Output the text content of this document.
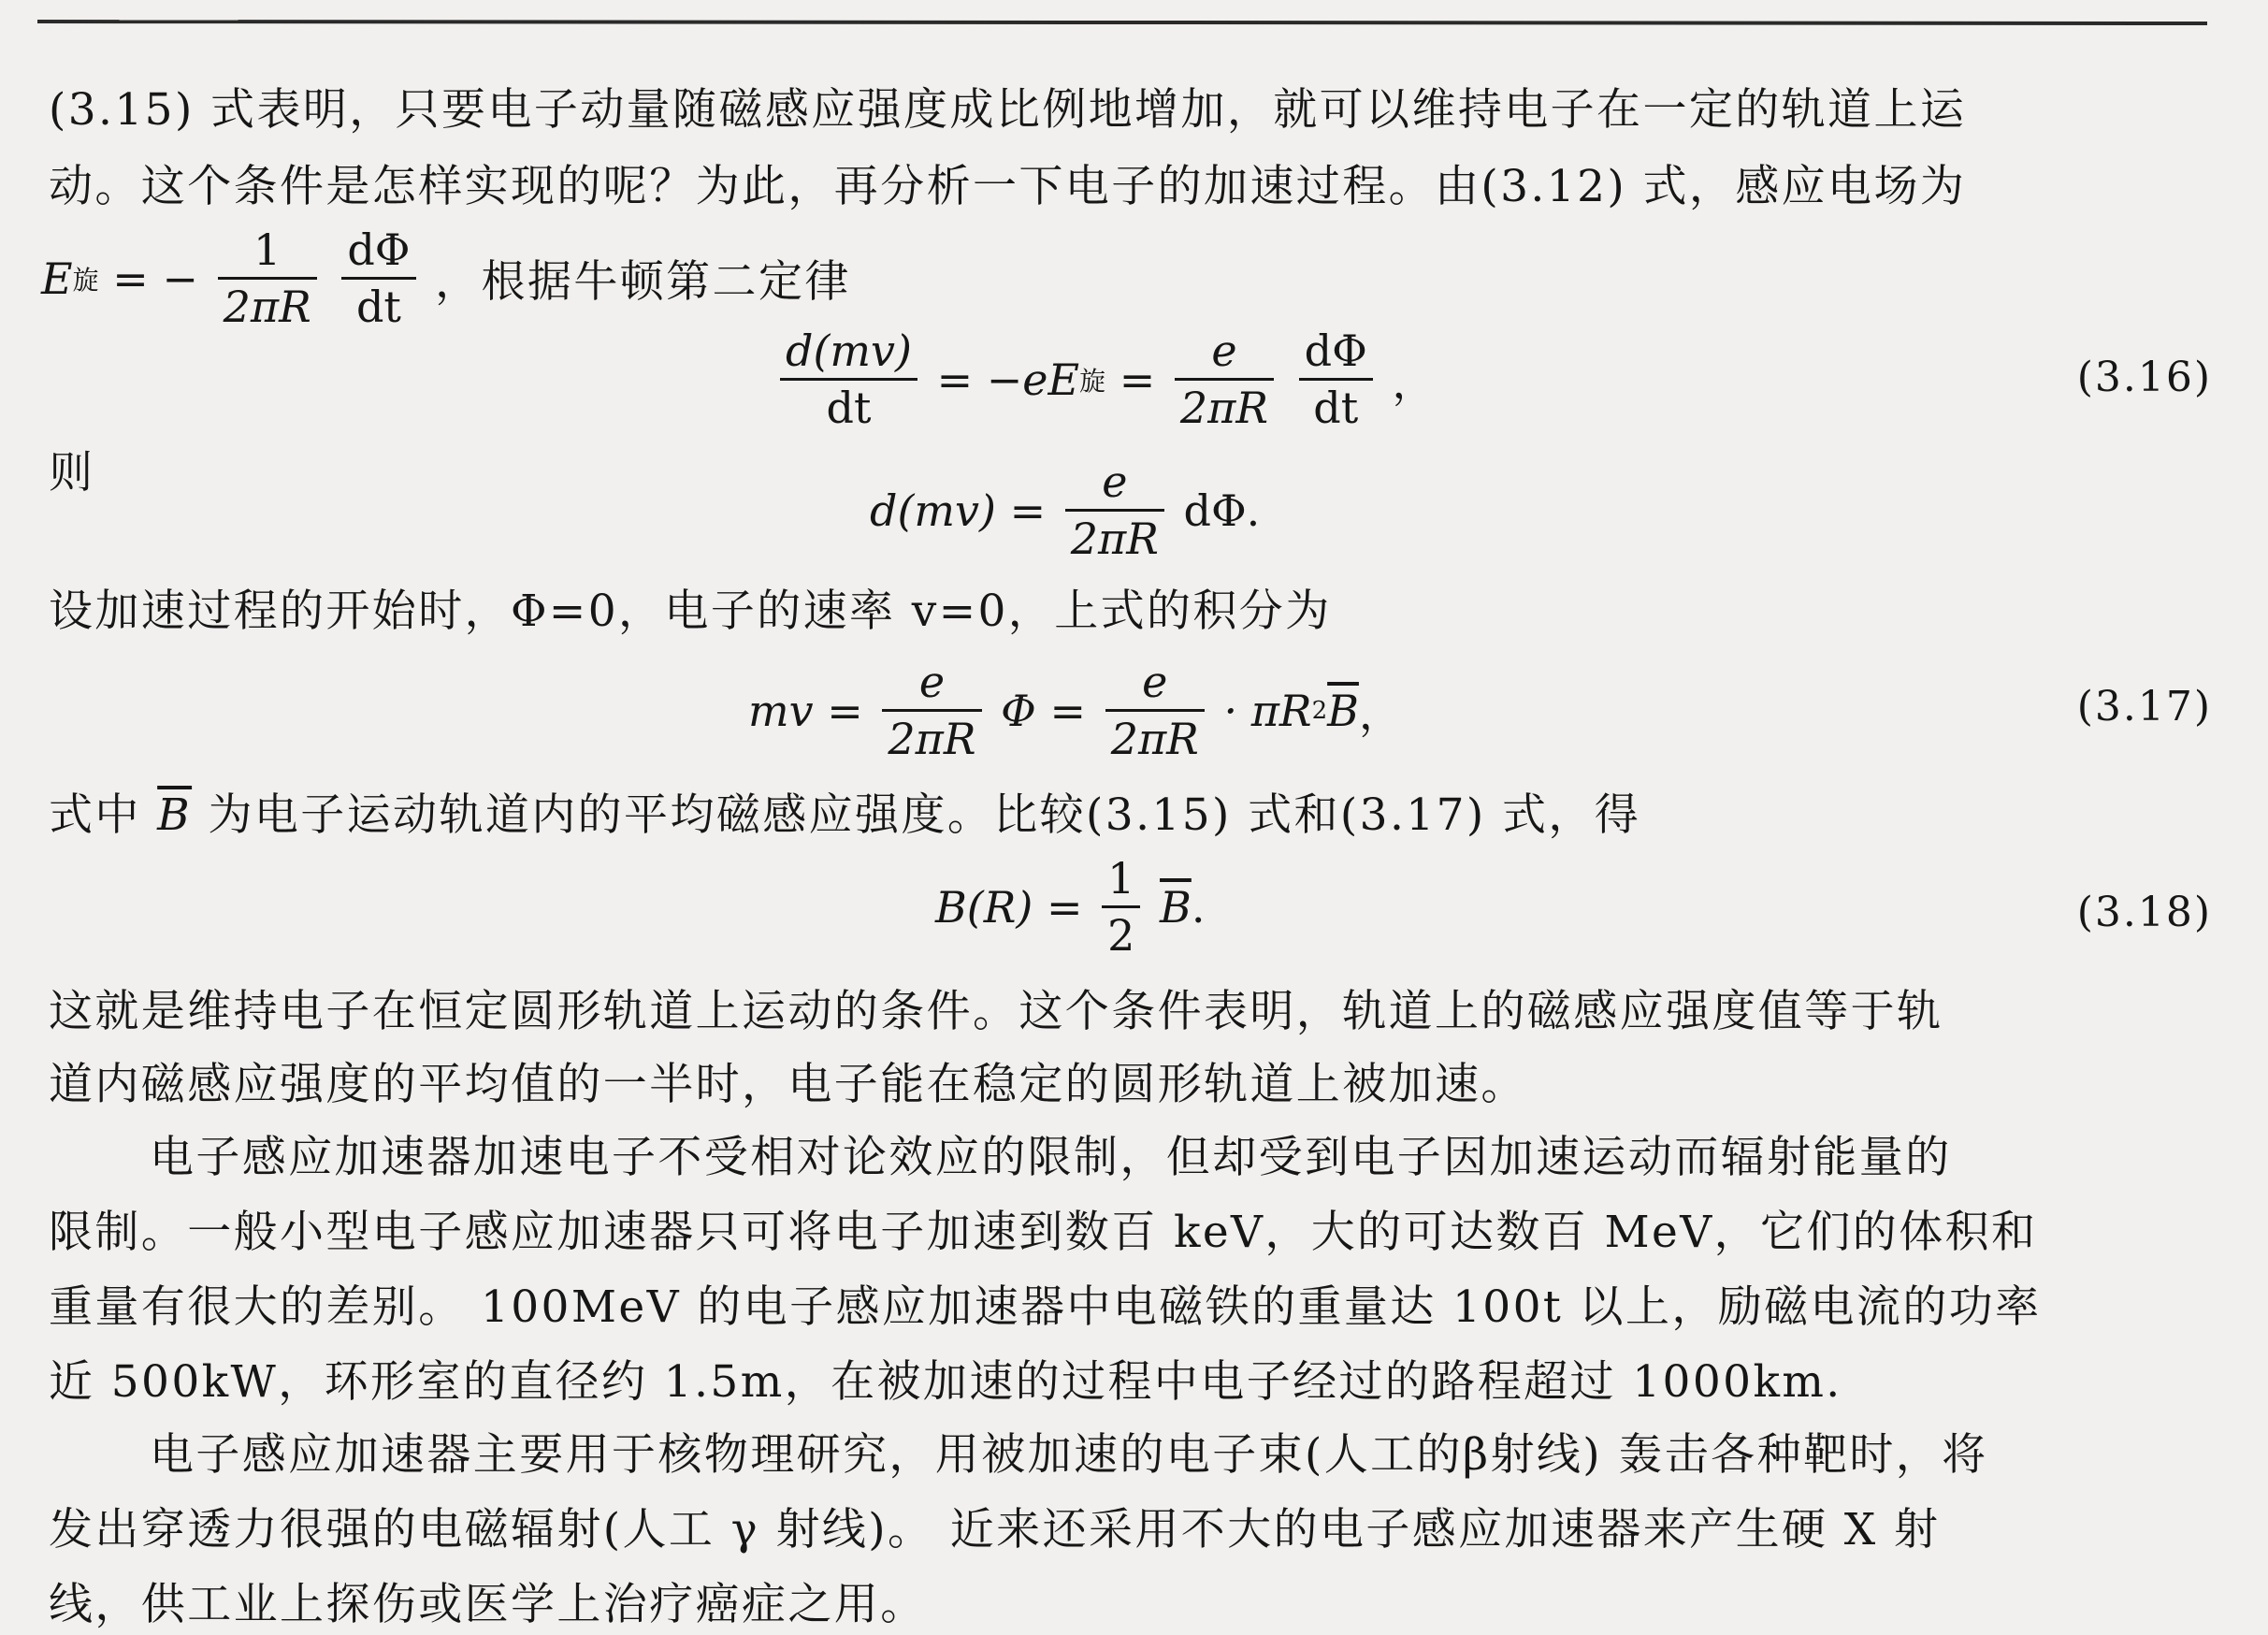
(3.15) 式表明，只要电子动量随磁感应强度成比例地增加，就可以维持电子在一定的轨道上运
动。这个条件是怎样实现的呢？为此，再分析一下电子的加速过程。由(3.12) 式，感应电场为
E旋 = − $\frac{1}{2\pi R}$
$\frac{d\Phi}{dt}$ ，根据牛顿第二定律
$\frac{d(mv)}{dt} = -eE$旋 = $\frac{e}{2\pi R}$
$\frac{d\Phi}{dt}$ ，	(3.16)
则
$d(mv) = \frac{e}{2\pi R} d\Phi$.
设加速过程的开始时，Φ=0，电子的速率 v=0，上式的积分为
mv = $\frac{e}{2\pi R}$ $\Phi = \frac{e}{2\pi R} \cdot \pi R2\overline{B}$，	(3.17)
式中 $\overline{B}$ 为电子运动轨道内的平均磁感应强度。比较(3.15) 式和(3.17) 式，得
$B(R) = \frac{1}{2} \overline{B}$.	(3.18)
这就是维持电子在恒定圆形轨道上运动的条件。这个条件表明，轨道上的磁感应强度值等于轨
道内磁感应强度的平均值的一半时，电子能在稳定的圆形轨道上被加速。
电子感应加速器加速电子不受相对论效应的限制，但却受到电子因加速运动而辐射能量的
限制。一般小型电子感应加速器只可将电子加速到数百 keV，大的可达数百 MeV，它们的体积和
重量有很大的差别。 100MeV 的电子感应加速器中电磁铁的重量达 100t 以上，励磁电流的功率
近 500kW，环形室的直径约 1.5m，在被加速的过程中电子经过的路程超过 1000km.
电子感应加速器主要用于核物理研究，用被加速的电子束(人工的β射线) 轰击各种靶时，将
发出穿透力很强的电磁辐射(人工 γ 射线)。 近来还采用不大的电子感应加速器来产生硬 X 射
线，供工业上探伤或医学上治疗癌症之用。
